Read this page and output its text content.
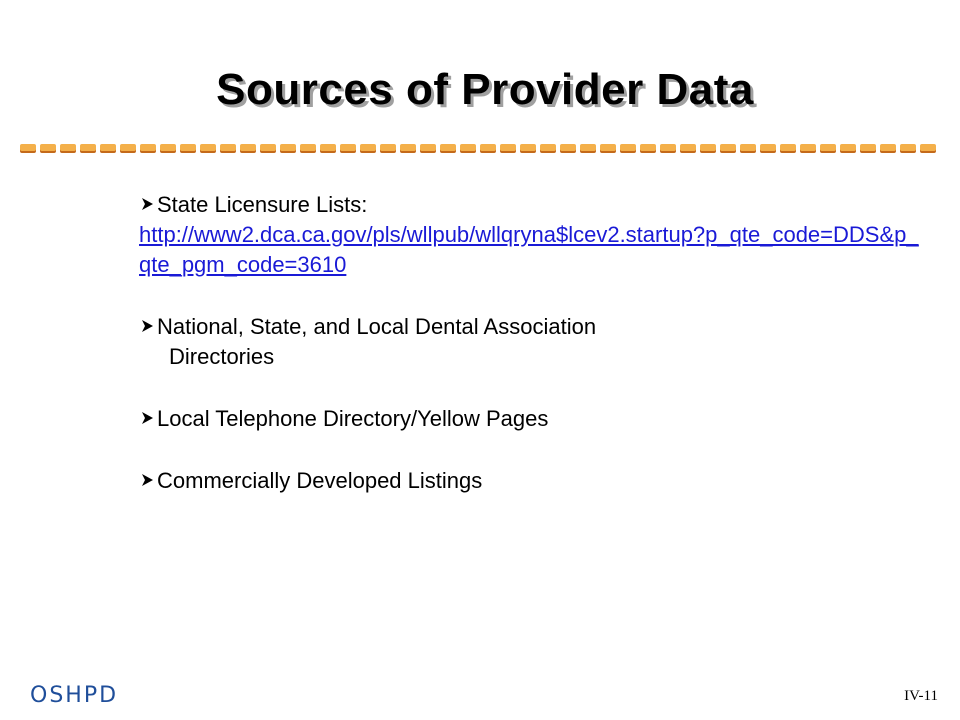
Sources of Provider Data
State Licensure Lists:
http://www2.dca.ca.gov/pls/wllpub/wllqryna$lcev2.startup?p_qte_code=DDS&p_qte_pgm_code=3610
National, State, and Local Dental Association
Directories
Local Telephone Directory/Yellow Pages
Commercially Developed Listings
OSHPD	IV-11
